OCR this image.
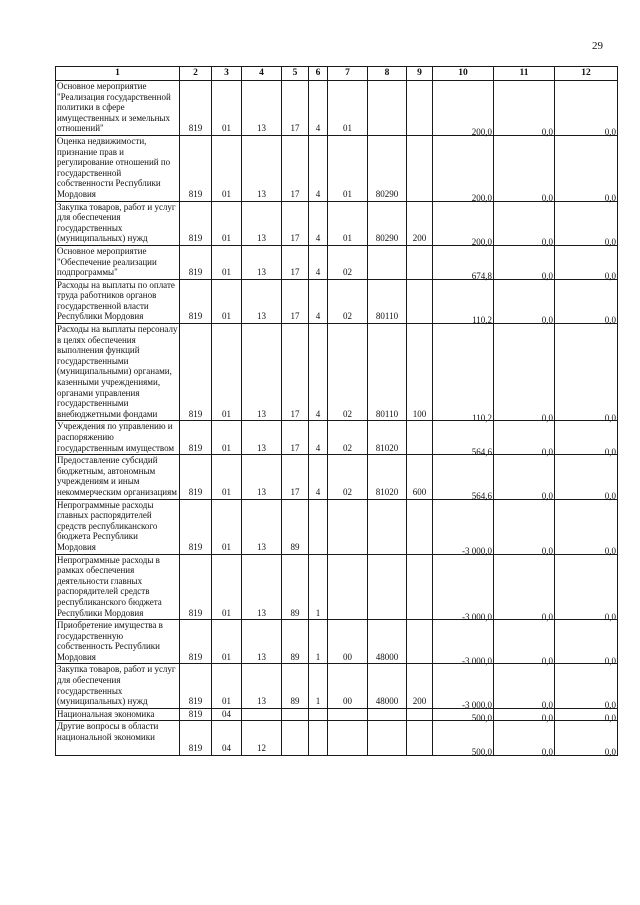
29
1	2	3	4	5	6	7	8	9	10	11	12
Основное мероприятие "Реализация государственной политики в сфере имущественных и земельных отношений"	819	01	13	17	4	01			200,0	0,0	0,0
Оценка недвижимости, признание прав и регулирование отношений по государственной собственности Республики Мордовия	819	01	13	17	4	01	80290		200,0	0,0	0,0
Закупка товаров, работ и услуг для обеспечения государственных (муниципальных) нужд	819	01	13	17	4	01	80290	200	200,0	0,0	0,0
Основное мероприятие "Обеспечение реализации подпрограммы"	819	01	13	17	4	02			674,8	0,0	0,0
Расходы на выплаты по оплате труда работников органов государственной власти Республики Мордовия	819	01	13	17	4	02	80110		110,2	0,0	0,0
Расходы на выплаты персоналу в целях обеспечения выполнения функций государственными (муниципальными) органами, казенными учреждениями, органами управления государственными внебюджетными фондами	819	01	13	17	4	02	80110	100	110,2	0,0	0,0
Учреждения по управлению и распоряжению государственным имуществом	819	01	13	17	4	02	81020		564,6	0,0	0,0
Предоставление субсидий бюджетным, автономным учреждениям и иным некоммерческим организациям	819	01	13	17	4	02	81020	600	564,6	0,0	0,0
Непрограммные расходы главных распорядителей средств республиканского бюджета Республики Мордовия	819	01	13	89					-3 000,0	0,0	0,0
Непрограммные расходы в рамках обеспечения деятельности главных распорядителей средств республиканского бюджета Республики Мордовия	819	01	13	89	1				-3 000,0	0,0	0,0
Приобретение имущества в государственную собственность Республики Мордовия	819	01	13	89	1	00	48000		-3 000,0	0,0	0,0
Закупка товаров, работ и услуг для обеспечения государственных (муниципальных) нужд	819	01	13	89	1	00	48000	200	-3 000,0	0,0	0,0
Национальная экономика	819	04							500,0	0,0	0,0
Другие вопросы в области национальной экономики	819	04	12						500,0	0,0	0,0
